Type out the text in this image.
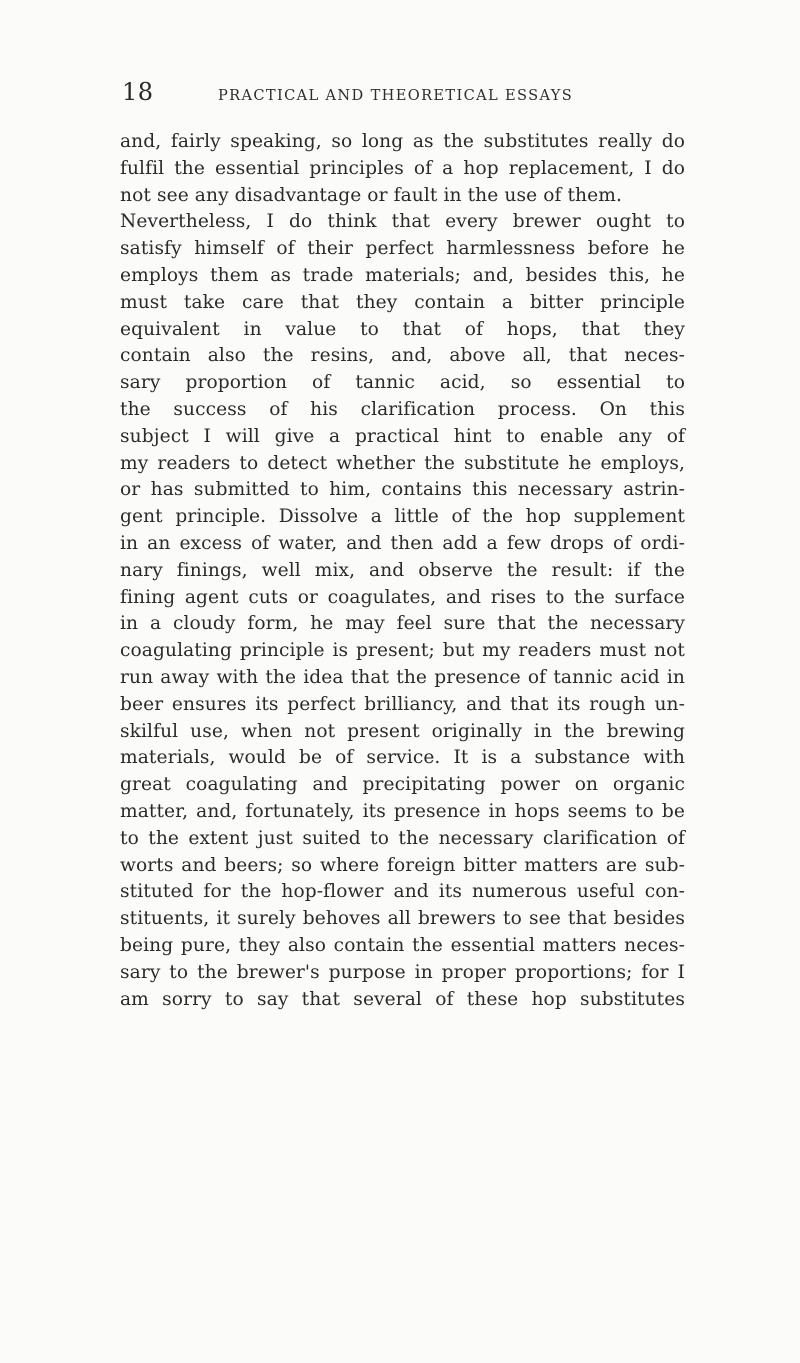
18	PRACTICAL AND THEORETICAL ESSAYS
and, fairly speaking, so long as the substitutes really do
fulfil the essential principles of a hop replacement, I do
not see any disadvantage or fault in the use of them.
Nevertheless, I do think that every brewer ought to
satisfy himself of their perfect harmlessness before he
employs them as trade materials; and, besides this, he
must take care that they contain a bitter principle
equivalent in value to that of hops, that they
contain also the resins, and, above all, that neces-
sary proportion of tannic acid, so essential to
the success of his clarification process. On this
subject I will give a practical hint to enable any of
my readers to detect whether the substitute he employs,
or has submitted to him, contains this necessary astrin-
gent principle. Dissolve a little of the hop supplement
in an excess of water, and then add a few drops of ordi-
nary finings, well mix, and observe the result: if the
fining agent cuts or coagulates, and rises to the surface
in a cloudy form, he may feel sure that the necessary
coagulating principle is present; but my readers must not
run away with the idea that the presence of tannic acid in
beer ensures its perfect brilliancy, and that its rough un-
skilful use, when not present originally in the brewing
materials, would be of service. It is a substance with
great coagulating and precipitating power on organic
matter, and, fortunately, its presence in hops seems to be
to the extent just suited to the necessary clarification of
worts and beers; so where foreign bitter matters are sub-
stituted for the hop-flower and its numerous useful con-
stituents, it surely behoves all brewers to see that besides
being pure, they also contain the essential matters neces-
sary to the brewer's purpose in proper proportions; for I
am sorry to say that several of these hop substitutes
